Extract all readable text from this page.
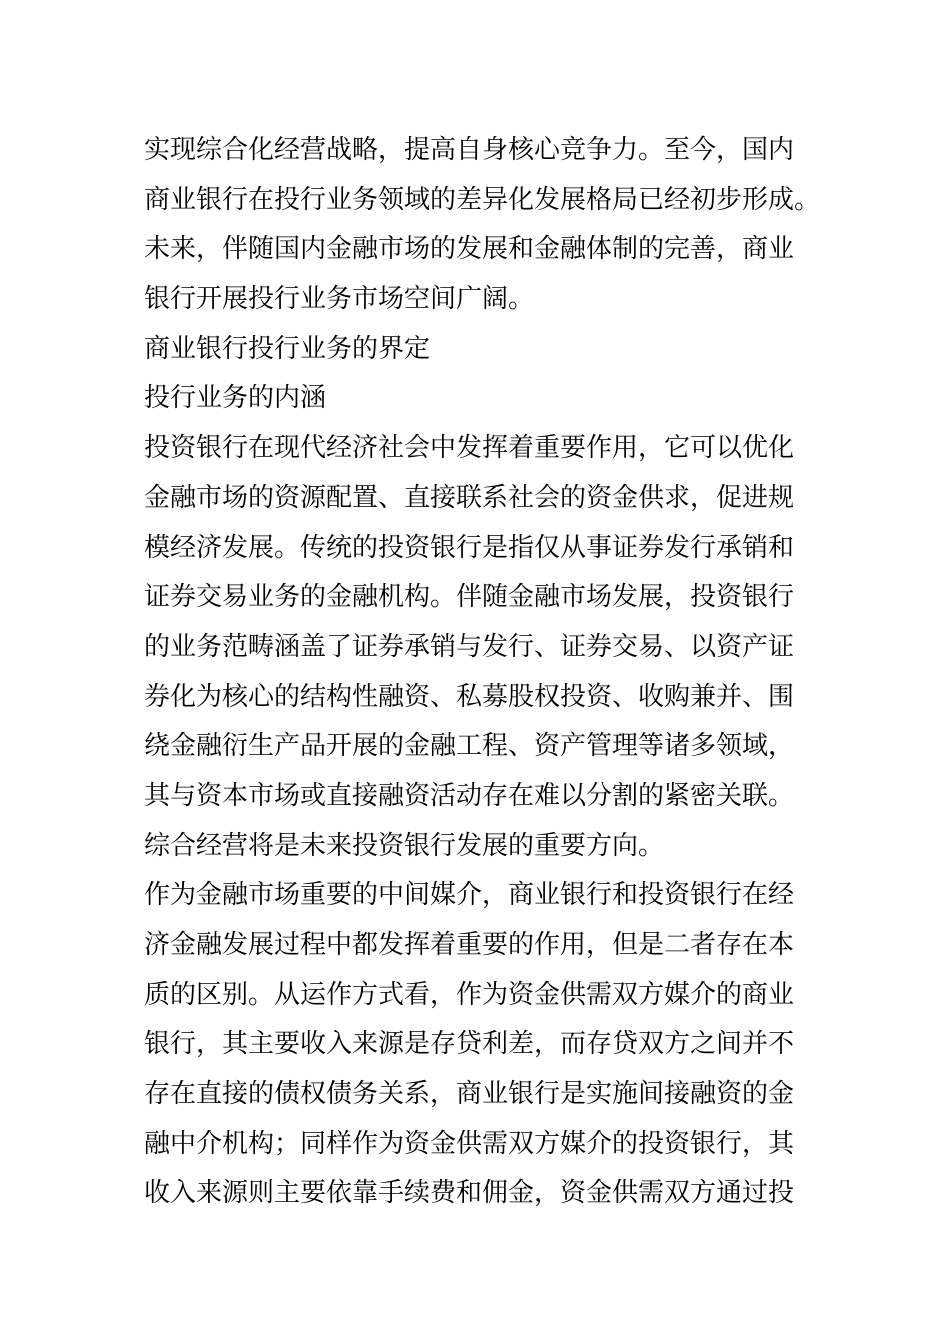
实现综合化经营战略，提高自身核心竞争力。至今，国内
商业银行在投行业务领域的差异化发展格局已经初步形成。
未来，伴随国内金融市场的发展和金融体制的完善，商业
银行开展投行业务市场空间广阔。
商业银行投行业务的界定
投行业务的内涵
投资银行在现代经济社会中发挥着重要作用，它可以优化
金融市场的资源配置、直接联系社会的资金供求，促进规
模经济发展。传统的投资银行是指仅从事证券发行承销和
证券交易业务的金融机构。伴随金融市场发展，投资银行
的业务范畴涵盖了证券承销与发行、证券交易、以资产证
券化为核心的结构性融资、私募股权投资、收购兼并、围
绕金融衍生产品开展的金融工程、资产管理等诸多领域，
其与资本市场或直接融资活动存在难以分割的紧密关联。
综合经营将是未来投资银行发展的重要方向。
作为金融市场重要的中间媒介，商业银行和投资银行在经
济金融发展过程中都发挥着重要的作用，但是二者存在本
质的区别。从运作方式看，作为资金供需双方媒介的商业
银行，其主要收入来源是存贷利差，而存贷双方之间并不
存在直接的债权债务关系，商业银行是实施间接融资的金
融中介机构；同样作为资金供需双方媒介的投资银行，其
收入来源则主要依靠手续费和佣金，资金供需双方通过投
